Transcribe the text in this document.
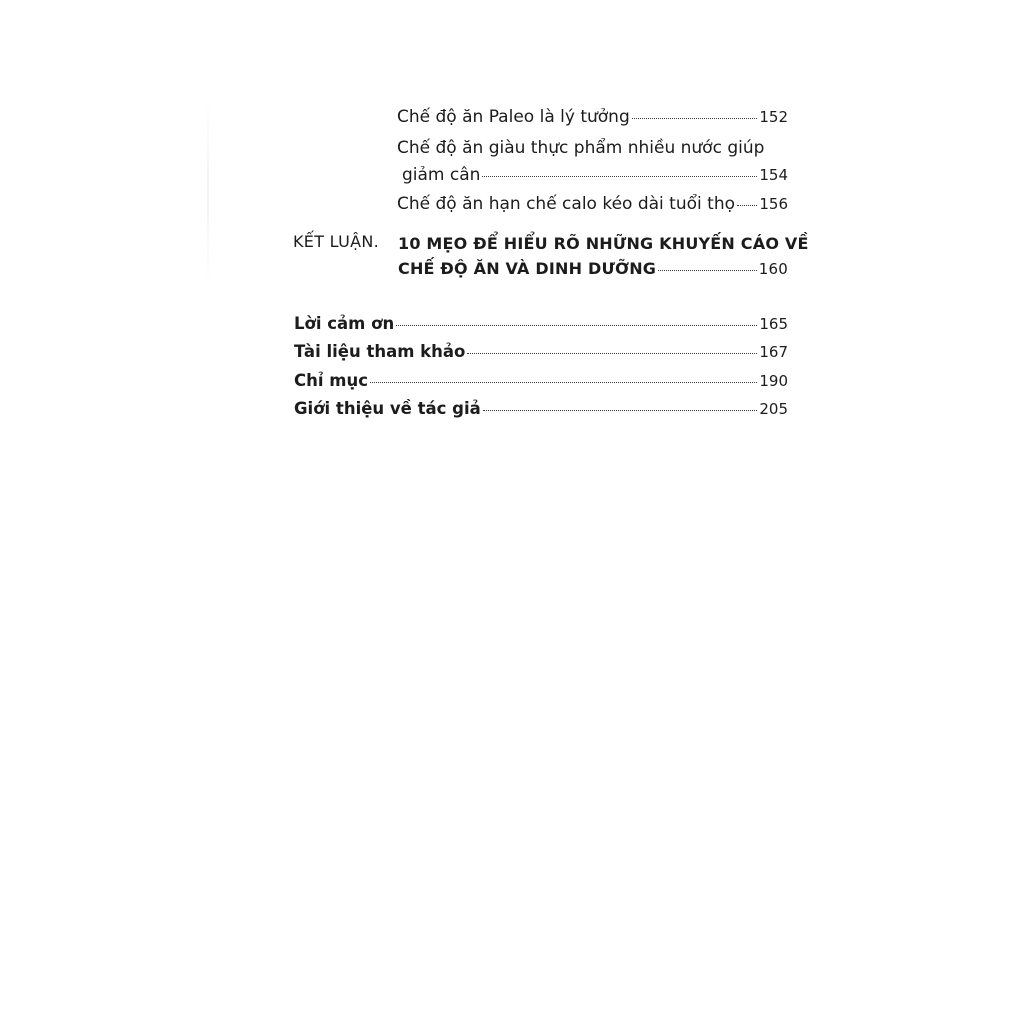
Chế độ ăn Paleo là lý tưởng	152
Chế độ ăn giàu thực phẩm nhiều nước giúp
giảm cân	154
Chế độ ăn hạn chế calo kéo dài tuổi thọ 156
KẾT LUẬN. 10 MẸO ĐỂ HIỂU RÕ NHỮNG KHUYẾN CÁO VỀ
CHẾ ĐỘ ĂN VÀ DINH DƯỠNG	160
Lời cảm ơn	165
Tài liệu tham khảo	167
Chỉ mục	190
Giới thiệu về tác giả	205
